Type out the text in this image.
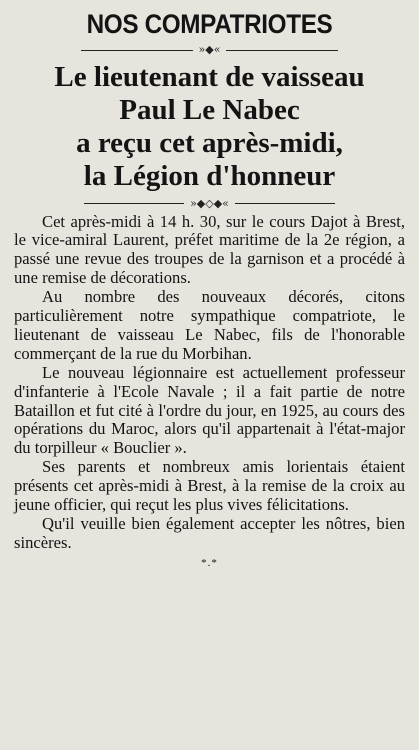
NOS COMPATRIOTES
»◆«
Le lieutenant de vaisseau
Paul Le Nabec
a reçu cet après-midi,
la Légion d'honneur
»◆◇◆«

Cet après-midi à 14 h. 30, sur le cours Dajot à Brest, le vice-amiral Laurent, préfet maritime de la 2e région, a passé une revue des troupes de la garnison et a procédé à une remise de décorations.

Au nombre des nouveaux décorés, citons particulièrement notre sympathique compatriote, le lieutenant de vaisseau Le Nabec, fils de l'honorable commerçant de la rue du Morbihan.

Le nouveau légionnaire est actuellement professeur d'infanterie à l'Ecole Navale ; il a fait partie de notre Bataillon et fut cité à l'ordre du jour, en 1925, au cours des opérations du Maroc, alors qu'il appartenait à l'état-major du torpilleur « Bouclier ».

Ses parents et nombreux amis lorientais étaient présents cet après-midi à Brest, à la remise de la croix au jeune officier, qui reçut les plus vives félicitations.

Qu'il veuille bien également accepter les nôtres, bien sincères.

*.*
